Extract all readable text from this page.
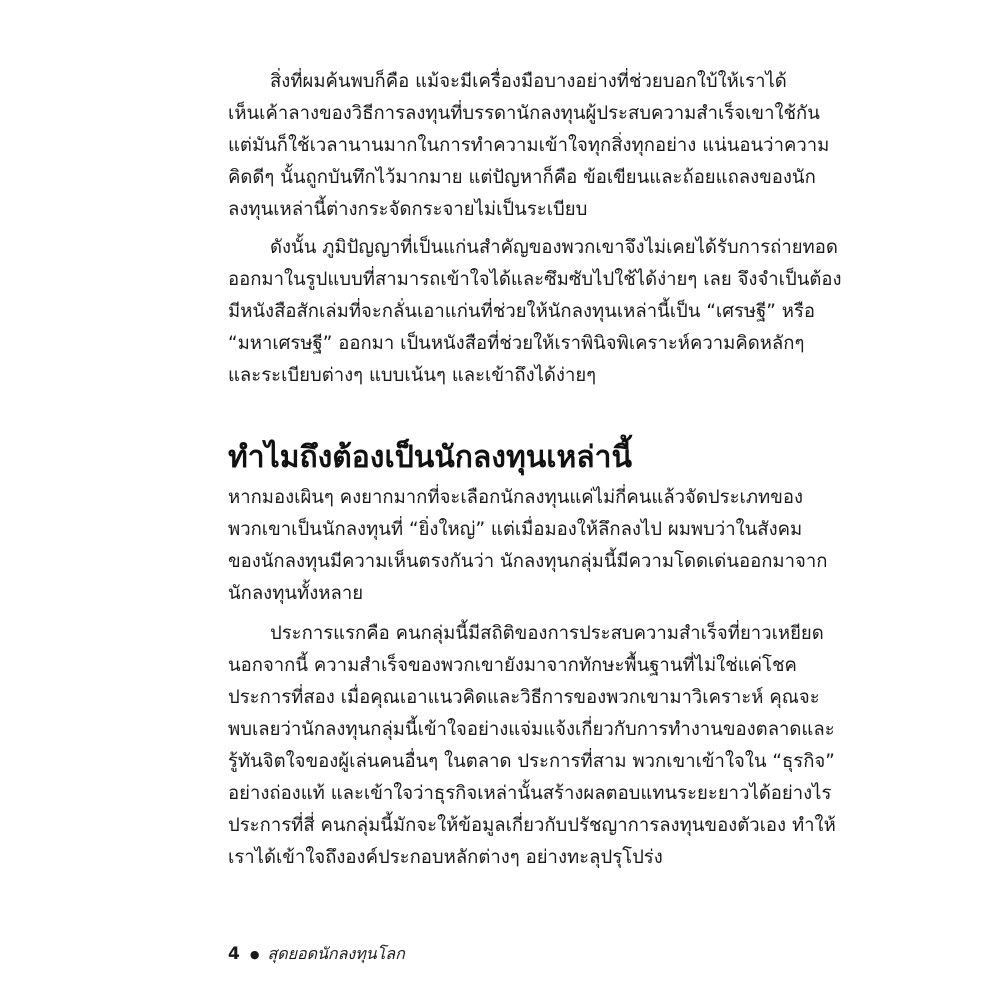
สิ่งที่ผมค้นพบก็คือ แม้จะมีเครื่องมือบางอย่างที่ช่วยบอกใบ้ให้เราได้
เห็นเค้าลางของวิธีการลงทุนที่บรรดานักลงทุนผู้ประสบความสำเร็จเขาใช้กัน
แต่มันก็ใช้เวลานานมากในการทำความเข้าใจทุกสิ่งทุกอย่าง แน่นอนว่าความ
คิดดีๆ นั้นถูกบันทึกไว้มากมาย แต่ปัญหาก็คือ ข้อเขียนและถ้อยแถลงของนัก
ลงทุนเหล่านี้ต่างกระจัดกระจายไม่เป็นระเบียบ
ดังนั้น ภูมิปัญญาที่เป็นแก่นสำคัญของพวกเขาจึงไม่เคยได้รับการถ่ายทอด
ออกมาในรูปแบบที่สามารถเข้าใจได้และซึมซับไปใช้ได้ง่ายๆ เลย จึงจำเป็นต้อง
มีหนังสือสักเล่มที่จะกลั่นเอาแก่นที่ช่วยให้นักลงทุนเหล่านี้เป็น “เศรษฐี” หรือ
“มหาเศรษฐี” ออกมา เป็นหนังสือที่ช่วยให้เราพินิจพิเคราะห์ความคิดหลักๆ
และระเบียบต่างๆ แบบเน้นๆ และเข้าถึงได้ง่ายๆ
ทำไมถึงต้องเป็นนักลงทุนเหล่านี้
หากมองเผินๆ คงยากมากที่จะเลือกนักลงทุนแค่ไม่กี่คนแล้วจัดประเภทของ
พวกเขาเป็นนักลงทุนที่ “ยิ่งใหญ่” แต่เมื่อมองให้ลึกลงไป ผมพบว่าในสังคม
ของนักลงทุนมีความเห็นตรงกันว่า นักลงทุนกลุ่มนี้มีความโดดเด่นออกมาจาก
นักลงทุนทั้งหลาย
ประการแรกคือ คนกลุ่มนี้มีสถิติของการประสบความสำเร็จที่ยาวเหยียด
นอกจากนี้ ความสำเร็จของพวกเขายังมาจากทักษะพื้นฐานที่ไม่ใช่แค่โชค
ประการที่สอง เมื่อคุณเอาแนวคิดและวิธีการของพวกเขามาวิเคราะห์ คุณจะ
พบเลยว่านักลงทุนกลุ่มนี้เข้าใจอย่างแจ่มแจ้งเกี่ยวกับการทำงานของตลาดและ
รู้ทันจิตใจของผู้เล่นคนอื่นๆ ในตลาด ประการที่สาม พวกเขาเข้าใจใน “ธุรกิจ”
อย่างถ่องแท้ และเข้าใจว่าธุรกิจเหล่านั้นสร้างผลตอบแทนระยะยาวได้อย่างไร
ประการที่สี่ คนกลุ่มนี้มักจะให้ข้อมูลเกี่ยวกับปรัชญาการลงทุนของตัวเอง ทำให้
เราได้เข้าใจถึงองค์ประกอบหลักต่างๆ อย่างทะลุปรุโปร่ง
4 ● สุดยอดนักลงทุนโลก
